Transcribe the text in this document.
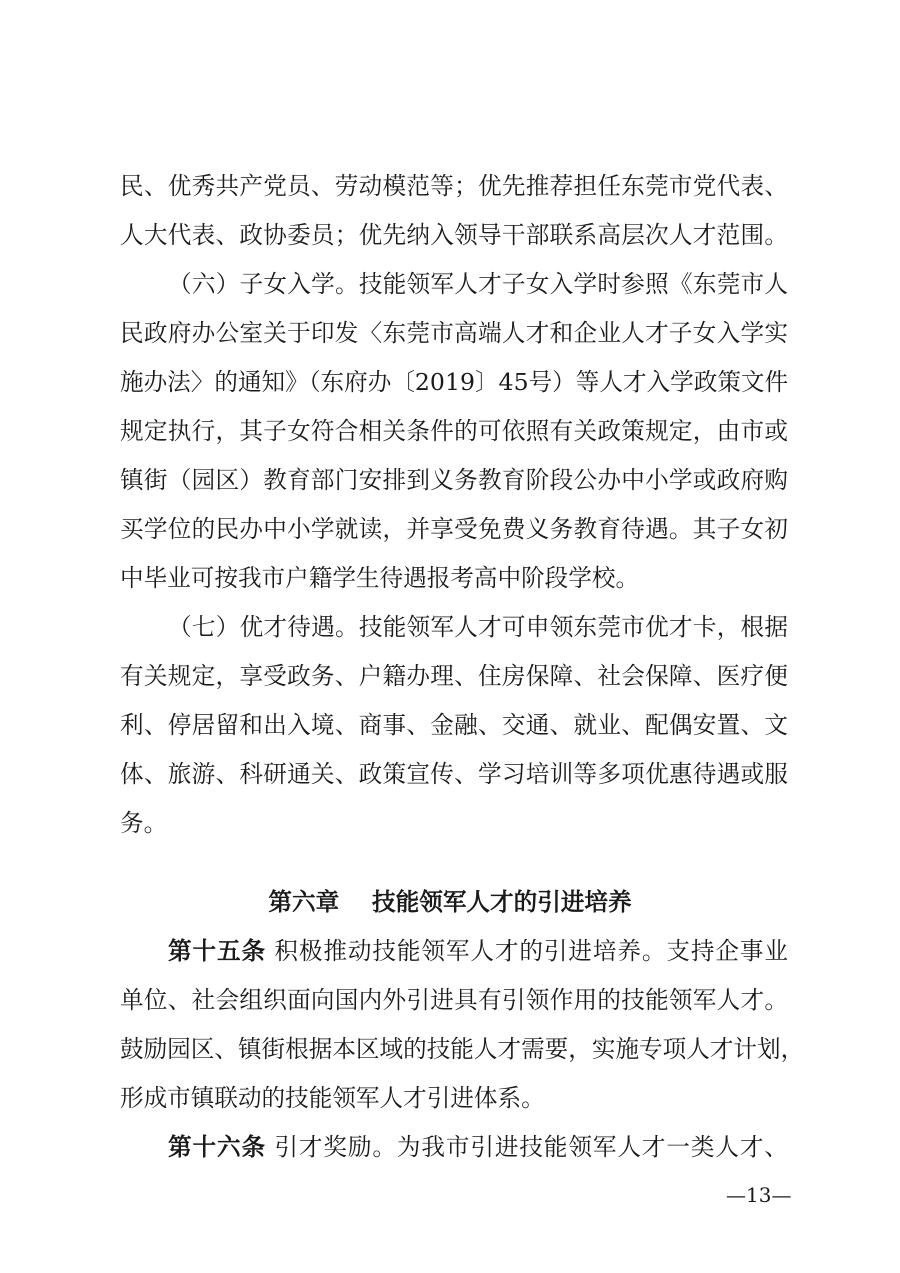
民、优秀共产党员、劳动模范等；优先推荐担任东莞市党代表、
人大代表、政协委员；优先纳入领导干部联系高层次人才范围。
（六）子女入学。技能领军人才子女入学时参照《东莞市人
民政府办公室关于印发〈东莞市高端人才和企业人才子女入学实
施办法〉的通知》（东府办〔2019〕45号）等人才入学政策文件
规定执行，其子女符合相关条件的可依照有关政策规定，由市或
镇街（园区）教育部门安排到义务教育阶段公办中小学或政府购
买学位的民办中小学就读，并享受免费义务教育待遇。其子女初
中毕业可按我市户籍学生待遇报考高中阶段学校。
（七）优才待遇。技能领军人才可申领东莞市优才卡，根据
有关规定，享受政务、户籍办理、住房保障、社会保障、医疗便
利、停居留和出入境、商事、金融、交通、就业、配偶安置、文
体、旅游、科研通关、政策宣传、学习培训等多项优惠待遇或服
务。
第六章 技能领军人才的引进培养
第十五条 积极推动技能领军人才的引进培养。支持企事业
单位、社会组织面向国内外引进具有引领作用的技能领军人才。
鼓励园区、镇街根据本区域的技能人才需要，实施专项人才计划，
形成市镇联动的技能领军人才引进体系。
第十六条 引才奖励。为我市引进技能领军人才一类人才、
—13—
